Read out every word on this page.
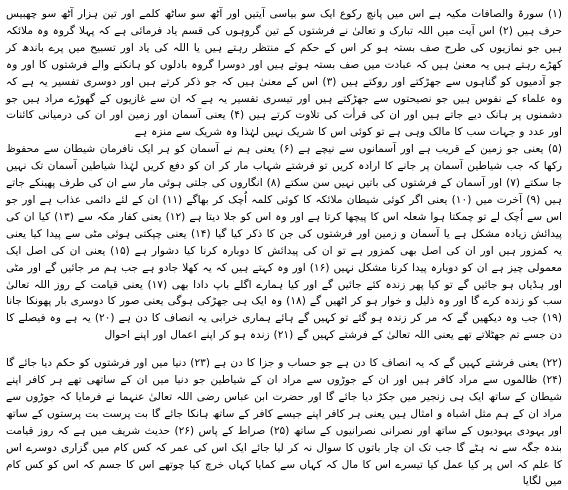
(۱) سورۃ والصافات مکیہ ہے اس میں پانچ رکوع ایک سو بیاسی آیتیں اور آٹھ سو ساٹھ کلمے اور تین ہزار آٹھ سو چھبیس حرف ہیں (۲) اس آیت میں اللہ تبارک و تعالیٰ نے فرشتوں کے تین گروہوں کی قسم یاد فرمائی ہے کہ پہلا گروہ وہ ملائکہ ہیں جو نمازیوں کی طرح صف بستہ ہو کر اس کے حکم کے منتظر رہتے ہیں یا اللہ کی یاد اور تسبیح میں پرے باندھ کر کھڑے رہتے ہیں یہ معنیٰ ہیں کہ عبادت میں صف بستہ ہوتے ہیں اور دوسرا گروہ بادلوں کو ہانکنے والے فرشتوں کا اور وہ جو آدمیوں کو گناہوں سے جھڑکتے اور روکتے ہیں (۳) اس کے معنیٰ ہیں کہ جو ذکر کرتے ہیں اور دوسری تفسیر یہ ہے کہ وہ علماء کے نفوس ہیں جو نصیحتوں سے جھڑکتے ہیں اور تیسری تفسیر یہ ہے کہ ان سے غازیوں کے گھوڑے مراد ہیں جو دشمنوں پر ہانک دیے جاتے ہیں اور ان کی قرأت کی تلاوت کرتے ہیں (۴) یعنی آسمان اور زمین اور ان کی درمیانی کائنات اور عدد و جہات سب کا مالک وہی ہے تو کوئی اس کا شریک نہیں لہٰذا وہ شریک سے منزہ ہے

(۵) یعنی جو زمین کے قریب ہے اور آسمانوں سے نیچے ہے (۶) یعنی ہم نے آسمان کو ہر ایک نافرمان شیطان سے محفوظ رکھا کہ جب شیاطین آسمان پر جانے کا ارادہ کریں تو فرشتے شہاب مار کر ان کو دفع کریں لہٰذا شیاطین آسمان تک نہیں جا سکتے (۷) اور آسمان کے فرشتوں کی باتیں نہیں سن سکتے (۸) انگاروں کی جلتی ہوئی مار سے ان کی طرف پھینکے جاتے ہیں (۹) آخرت میں (۱۰) یعنی اگر کوئی شیطان ملائکہ کا کوئی کلمہ اُچک کر بھاگے (۱۱) ان کے لئے دائمی عذاب ہے اور جو اس سے اُچک لے تو چمکتا ہوا شعلہ اس کا پیچھا کرتا ہے اور وہ اس کو جلا دیتا ہے (۱۲) یعنی کفار مکہ سے (۱۳) کیا ان کی پیدائش زیادہ مشکل ہے یا آسمان و زمین اور فرشتوں کی جن کا ذکر کیا گیا (۱۴) یعنی چپکتی ہوئی مٹی سے پیدا کیا یعنی یہ کمزور ہیں اور ان کی اصل بھی کمزور ہے تو ان کی پیدائش کا دوبارہ کرنا کیا دشوار ہے (۱۵) یعنی ان کی اصل ایک معمولی چیز ہے ان کو دوبارہ پیدا کرنا مشکل نہیں (۱۶) اور وہ کہتے ہیں کہ یہ کھلا جادو ہے جب ہم مر جائیں گے اور مٹی اور ہڈیاں ہو جائیں گے تو کیا پھر زندہ کئے جائیں گے اور کیا ہمارے اگلے باپ دادا بھی (۱۷) یعنی قیامت کے روز اللہ تعالیٰ سب کو زندہ کرے گا اور وہ ذلیل و خوار ہو کر اٹھیں گے (۱۸) وہ ایک ہی جھڑکی ہوگی یعنی صور کا دوسری بار پھونکا جانا (۱۹) جب وہ دیکھیں گے کہ مر کر زندہ ہو گئے تو کہیں گے ہائے ہماری خرابی یہ انصاف کا دن ہے (۲۰) یہ ہے وہ فیصلے کا دن جسے تم جھٹلاتے تھے یعنی اللہ تعالیٰ کے فرشتے کہیں گے (۲۱) زندہ ہو کر اپنے اعمال اور اپنے احوال

(۲۲) یعنی فرشتے کہیں گے کہ یہ انصاف کا دن ہے جو حساب و جزا کا دن ہے (۲۳) دنیا میں اور فرشتوں کو حکم دیا جائے گا (۲۴) ظالموں سے مراد کافر ہیں اور ان کے جوڑوں سے مراد ان کے شیاطین جو دنیا میں ان کے ساتھی تھے ہر کافر اپنے شیطان کے ساتھ ایک ہی زنجیر میں جکڑ دیا جائے گا اور حضرت ابن عباس رضی اللہ تعالیٰ عنہما نے فرمایا کہ جوڑوں سے مراد ان کے ہم مثل اشباہ و امثال ہیں یعنی ہر کافر اپنے جیسے کافر کے ساتھ ہانکا جائے گا بت پرست بت پرستوں کے ساتھ اور یہودی یہودیوں کے ساتھ اور نصرانی نصرانیوں کے ساتھ (۲۵) صراط کے پاس (۲۶) حدیث شریف میں ہے کہ روز قیامت بندہ جگہ سے نہ ہٹے گا جب تک ان چار باتوں کا سوال نہ کر لیا جائے ایک اس کی عمر کہ کس کام میں گزاری دوسرے اس کا علم کہ اس پر کیا عمل کیا تیسرے اس کا مال کہ کہاں سے کمایا کہاں خرچ کیا چوتھے اس کا جسم کہ اس کو کس کام میں لگایا
